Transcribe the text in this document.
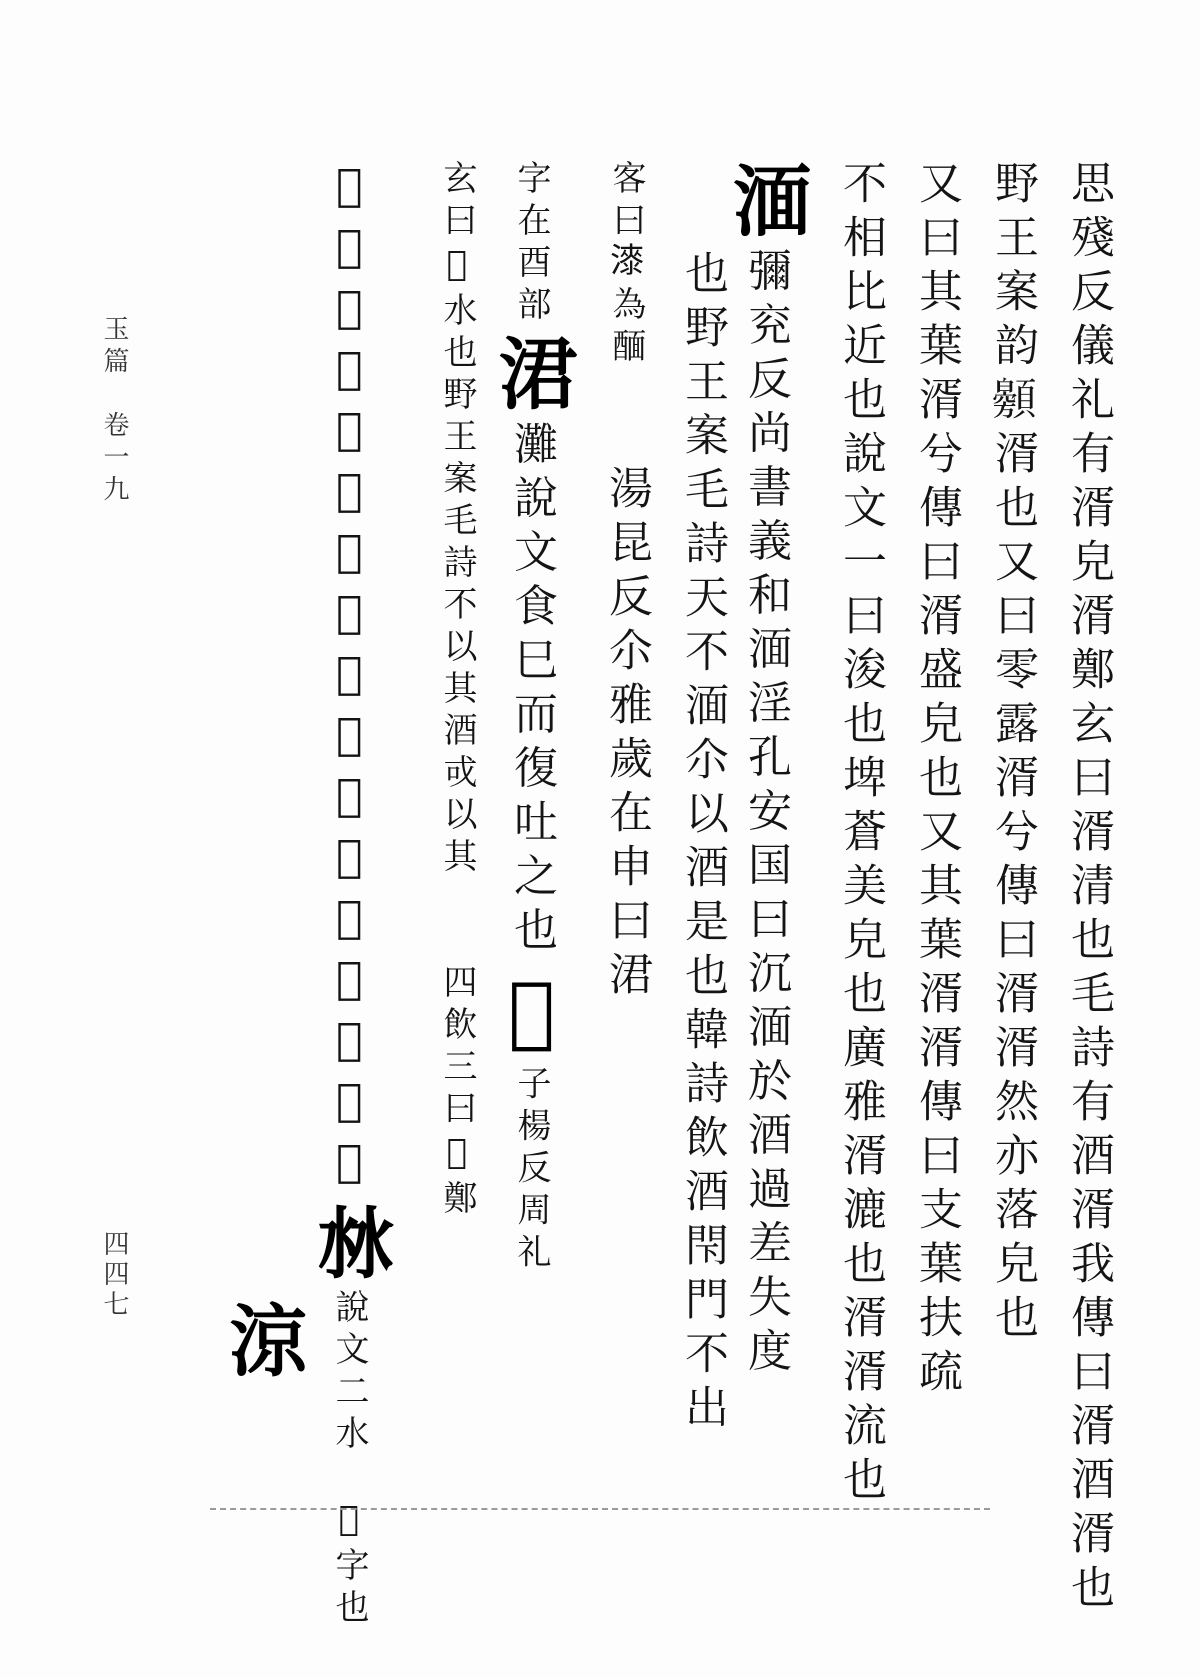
玉篇　卷一九
四四七	思殘反儀礼有湑皃湑鄭玄曰湑清也毛詩有酒湑我傳曰湑酒湑也
野王案韵𩕰湑也又曰零露湑兮傳曰湑湑然亦落皃也
又曰其葉湑兮傳曰湑盛皃也又其葉湑湑傳曰支葉扶疏
不相比近也說文一曰浚也埤蒼美皃也廣雅湑漉也湑湑流也
湎 彌兖反尚書義和湎淫孔安国曰沉湎於酒過差失度
也野王案毛詩天不湎尒以酒是也韓詩飲酒閇門不出
客曰𣾰為䤄 湯昆反尒雅歲在申曰涒
字在酉部 涒 灘說文食巳而復吐之也 𣵰 子楊反周礼
玄曰𣵰水也野王案毛詩不以其酒戓以其　　四飲三曰𣵰鄭
𣵰是也又曰𣵰人掌六飲水𣵰醴涼醫酏也 沝 說文二水　𣵰字也
涼
